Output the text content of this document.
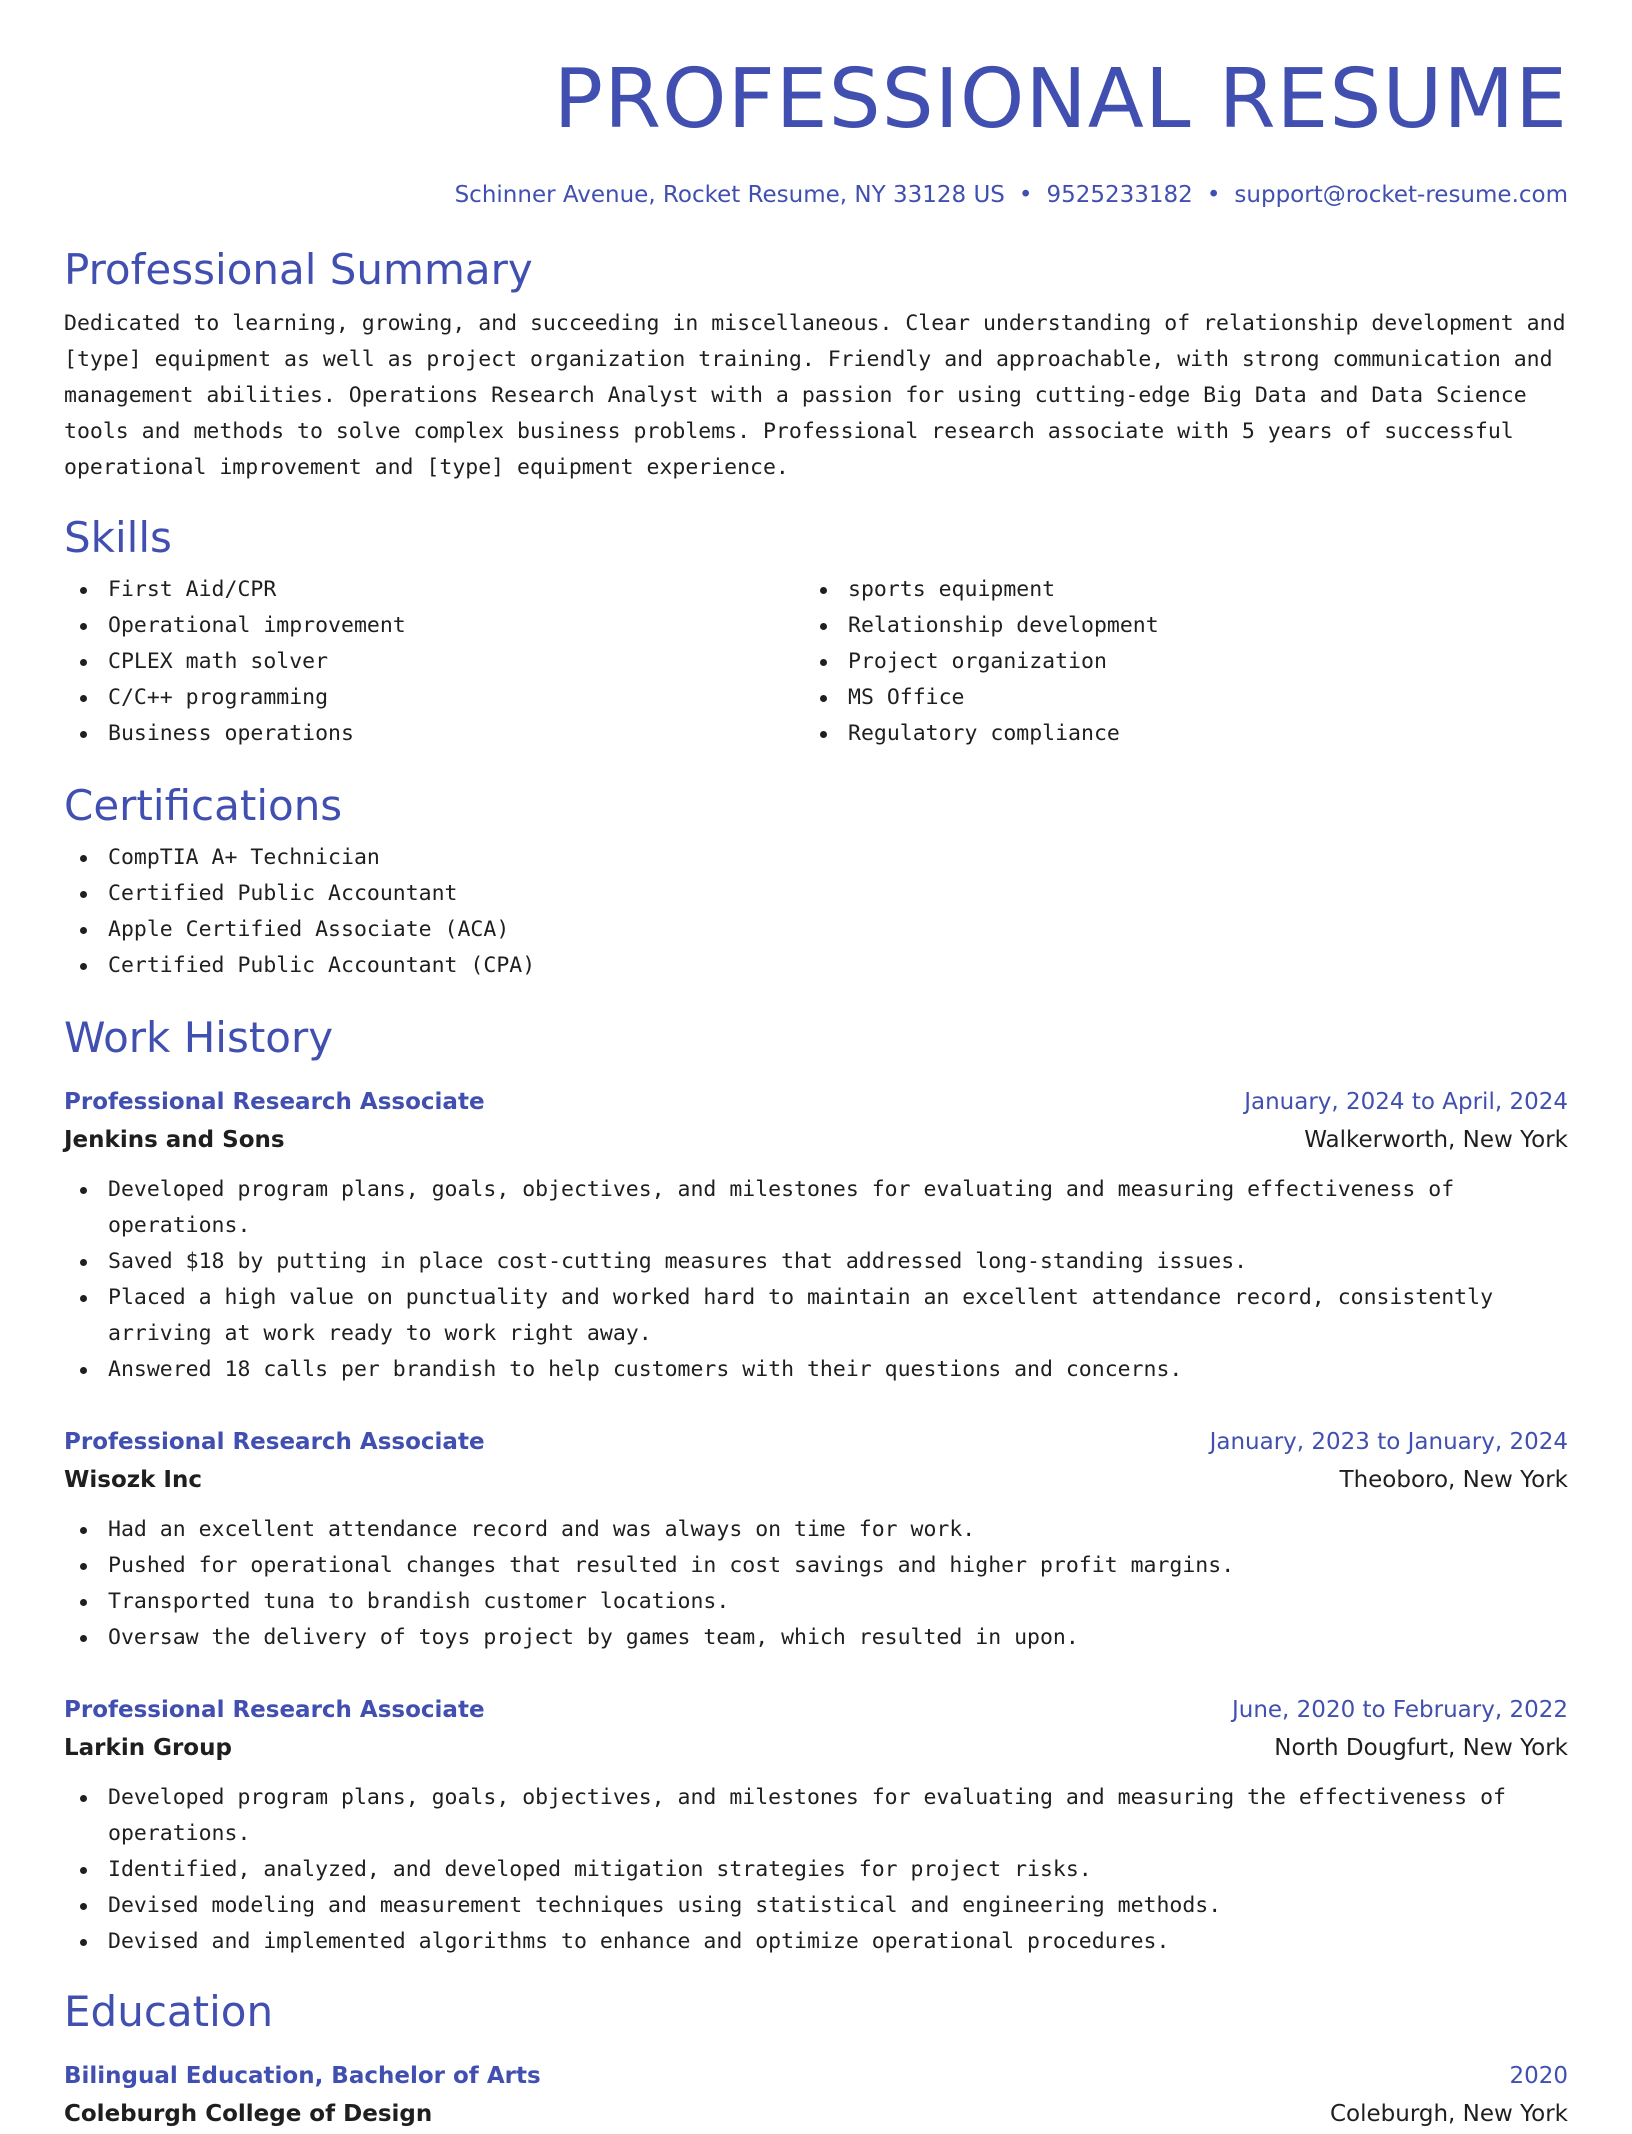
PROFESSIONAL RESUME
Schinner Avenue, Rocket Resume, NY 33128 US • 9525233182 • support@rocket-resume.com
Professional Summary
Dedicated to learning, growing, and succeeding in miscellaneous. Clear understanding of relationship development and [type] equipment as well as project organization training. Friendly and approachable, with strong communication and management abilities. Operations Research Analyst with a passion for using cutting-edge Big Data and Data Science tools and methods to solve complex business problems. Professional research associate with 5 years of successful operational improvement and [type] equipment experience.
Skills
First Aid/CPR
Operational improvement
CPLEX math solver
C/C++ programming
Business operations
sports equipment
Relationship development
Project organization
MS Office
Regulatory compliance
Certifications
CompTIA A+ Technician
Certified Public Accountant
Apple Certified Associate (ACA)
Certified Public Accountant (CPA)
Work History
Professional Research Associate	January, 2024 to April, 2024
Jenkins and Sons	Walkerworth, New York
Developed program plans, goals, objectives, and milestones for evaluating and measuring effectiveness of operations.
Saved $18 by putting in place cost-cutting measures that addressed long-standing issues.
Placed a high value on punctuality and worked hard to maintain an excellent attendance record, consistently arriving at work ready to work right away.
Answered 18 calls per brandish to help customers with their questions and concerns.
Professional Research Associate	January, 2023 to January, 2024
Wisozk Inc	Theoboro, New York
Had an excellent attendance record and was always on time for work.
Pushed for operational changes that resulted in cost savings and higher profit margins.
Transported tuna to brandish customer locations.
Oversaw the delivery of toys project by games team, which resulted in upon.
Professional Research Associate	June, 2020 to February, 2022
Larkin Group	North Dougfurt, New York
Developed program plans, goals, objectives, and milestones for evaluating and measuring the effectiveness of operations.
Identified, analyzed, and developed mitigation strategies for project risks.
Devised modeling and measurement techniques using statistical and engineering methods.
Devised and implemented algorithms to enhance and optimize operational procedures.
Education
Bilingual Education, Bachelor of Arts	2020
Coleburgh College of Design	Coleburgh, New York
